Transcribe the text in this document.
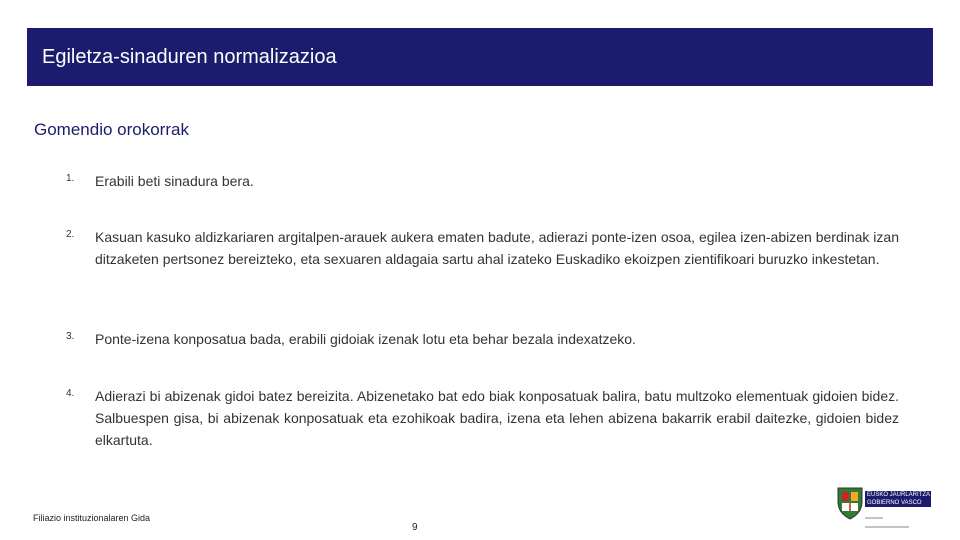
Egiletza-sinaduren normalizazioa
Gomendio orokorrak
1. Erabili beti sinadura bera.
2. Kasuan kasuko aldizkariaren argitalpen-arauek aukera ematen badute, adierazi ponte-izen osoa, egilea izen-abizen berdinak izan ditzaketen pertsonez bereizteko, eta sexuaren aldagaia sartu ahal izateko Euskadiko ekoizpen zientifikoari buruzko inkestetan.
3. Ponte-izena konposatua bada, erabili gidoiak izenak lotu eta behar bezala indexatzeko.
4. Adierazi bi abizenak gidoi batez bereizita. Abizenetako bat edo biak konposatuak balira, batu multzoko elementuak gidoien bidez. Salbuespen gisa, bi abizenak konposatuak eta ezohikoak badira, izena eta lehen abizena bakarrik erabil daitezke, gidoien bidez elkartuta.
Filiazio instituzionalaren Gida
9
EUSKO JAURLARITZA
GOBIERNO VASCO
